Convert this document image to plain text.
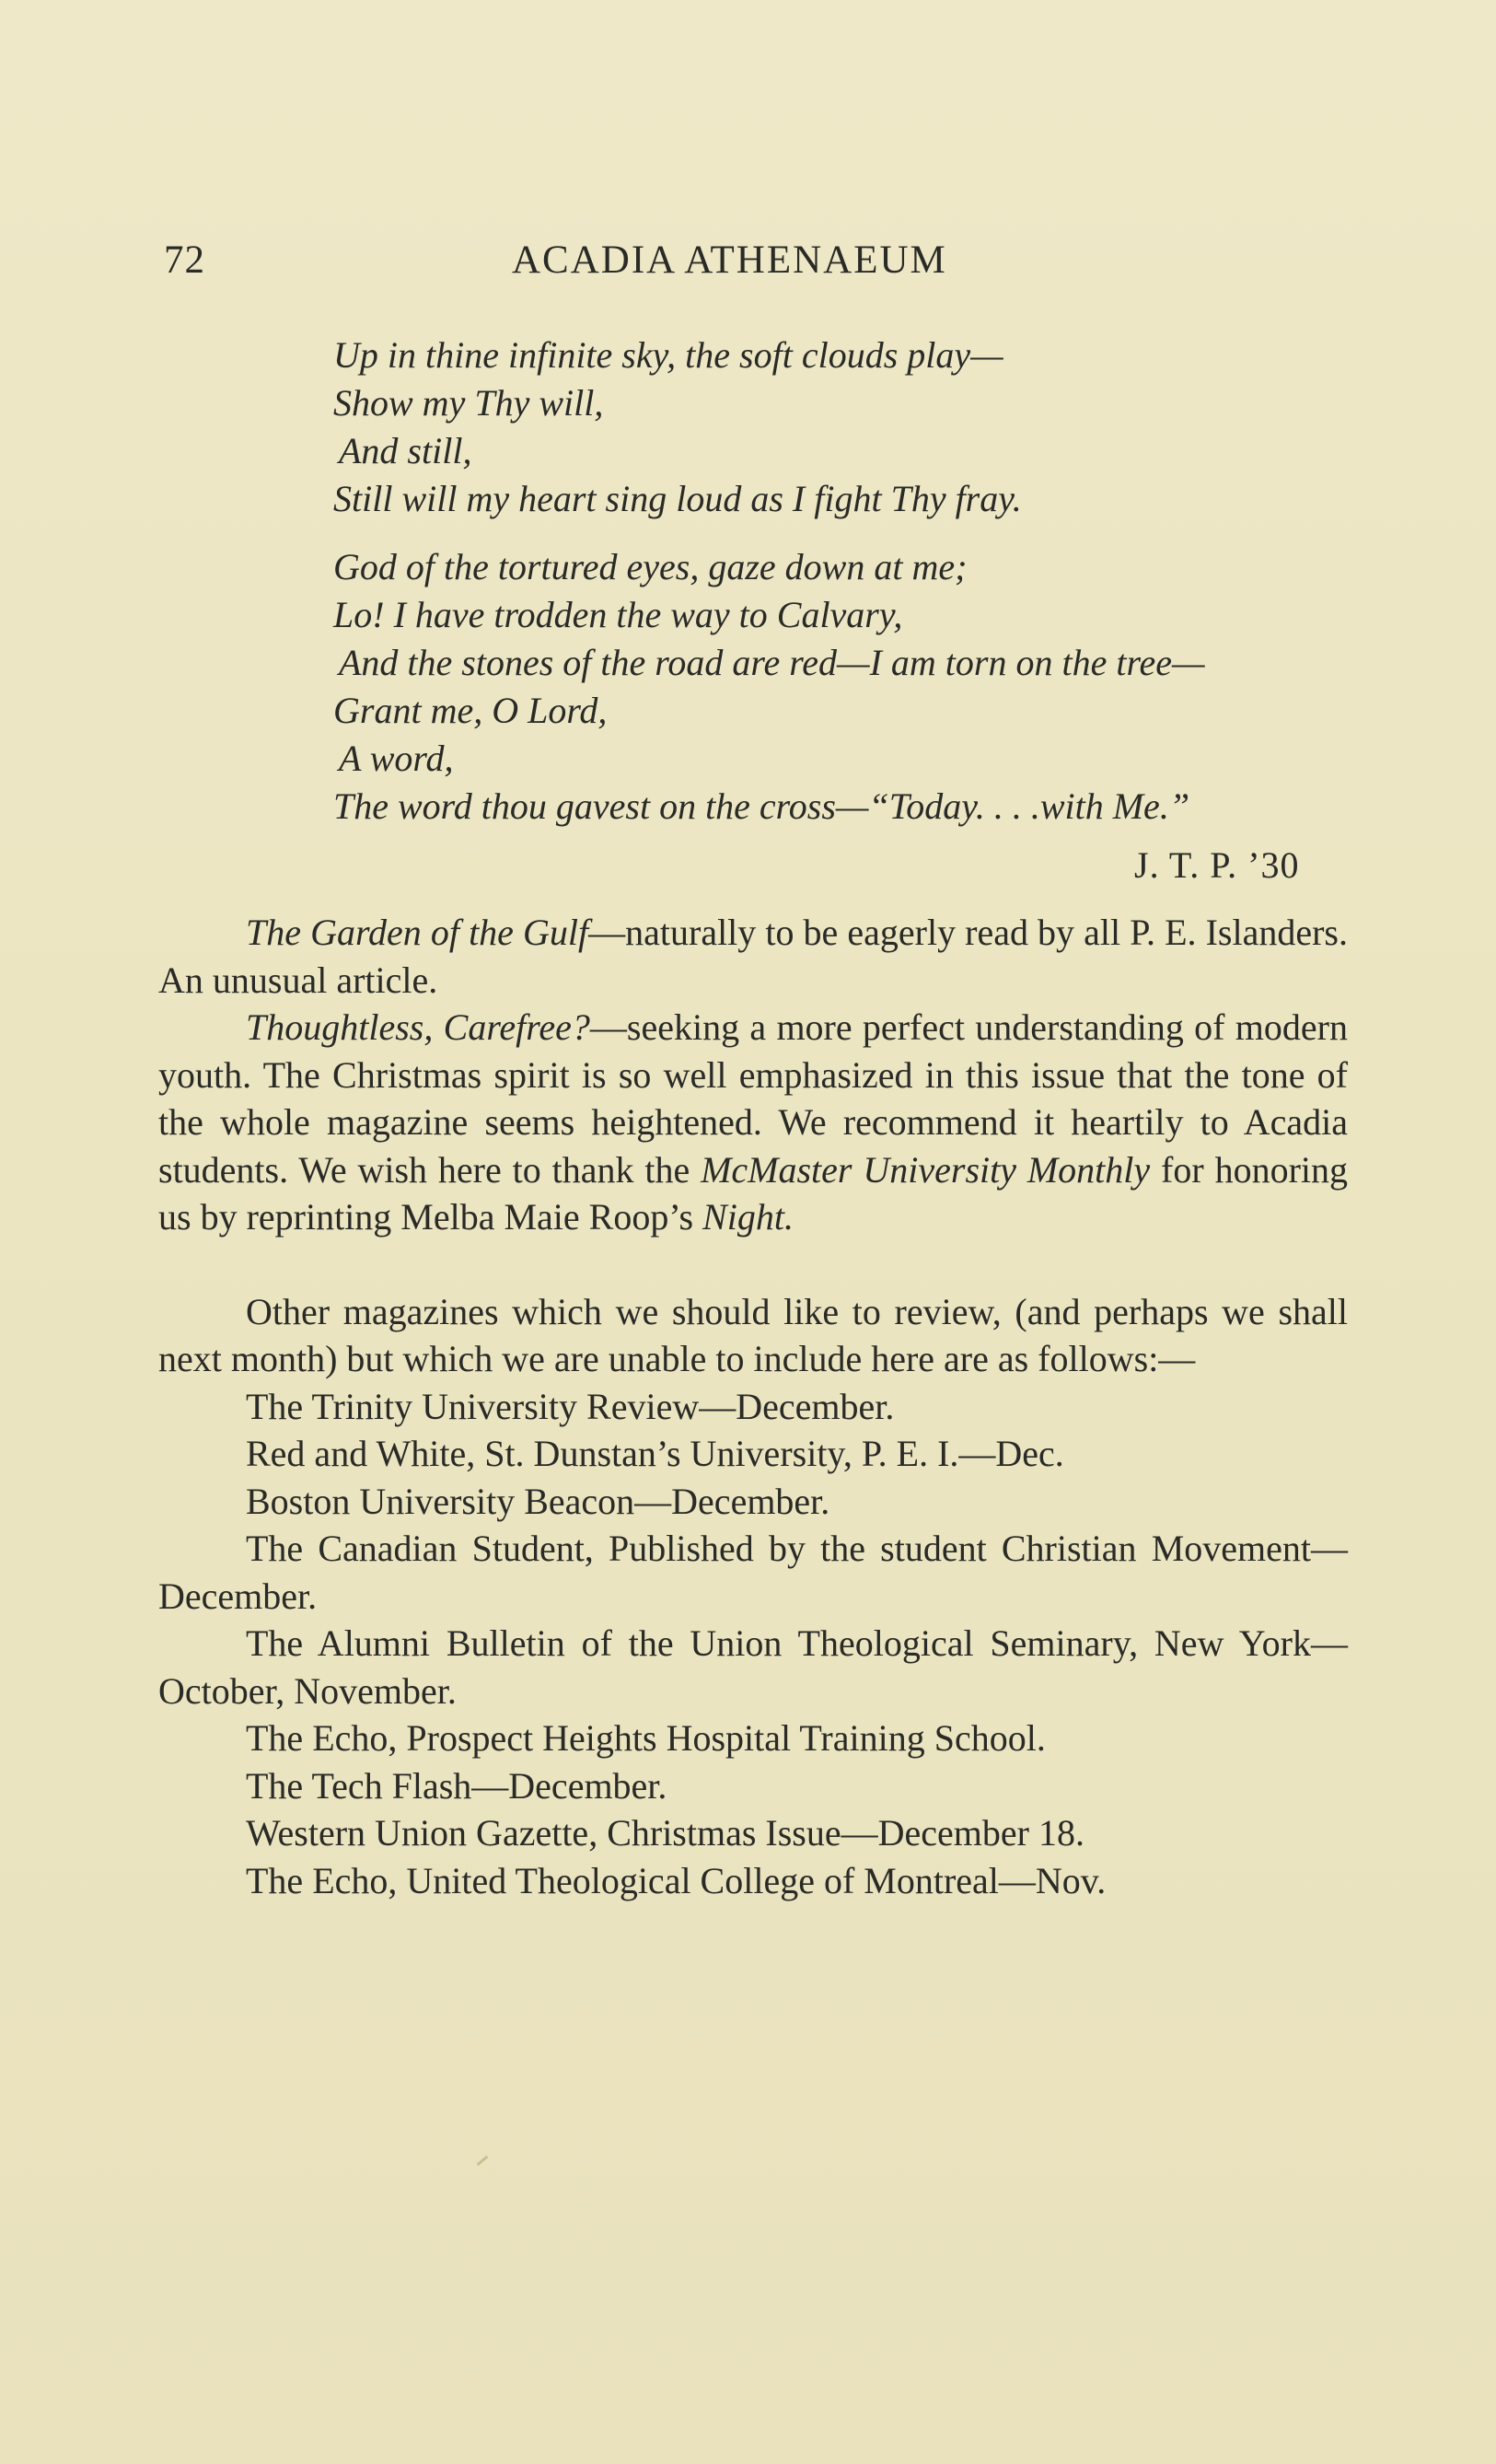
72	ACADIA ATHENAEUM
Up in thine infinite sky, the soft clouds play—
Show my Thy will,
And still,
Still will my heart sing loud as I fight Thy fray.
God of the tortured eyes, gaze down at me;
Lo! I have trodden the way to Calvary,
And the stones of the road are red—I am torn on the tree—
Grant me, O Lord,
A word,
The word thou gavest on the cross—“Today. . . .with Me.”
J. T. P. ’30

The Garden of the Gulf—naturally to be eagerly read by all P. E. Islanders. An unusual article.

Thoughtless, Carefree?—seeking a more perfect understanding of modern youth. The Christmas spirit is so well emphasized in this issue that the tone of the whole magazine seems heightened. We recommend it heartily to Acadia students. We wish here to thank the McMaster University Monthly for honoring us by reprinting Melba Maie Roop’s Night.

Other magazines which we should like to review, (and perhaps we shall next month) but which we are unable to include here are as follows:—

The Trinity University Review—December.

Red and White, St. Dunstan’s University, P. E. I.—Dec.

Boston University Beacon—December.

The Canadian Student, Published by the student Christian Movement—December.

The Alumni Bulletin of the Union Theological Seminary, New York—October, November.

The Echo, Prospect Heights Hospital Training School.

The Tech Flash—December.

Western Union Gazette, Christmas Issue—December 18.

The Echo, United Theological College of Montreal—Nov.
